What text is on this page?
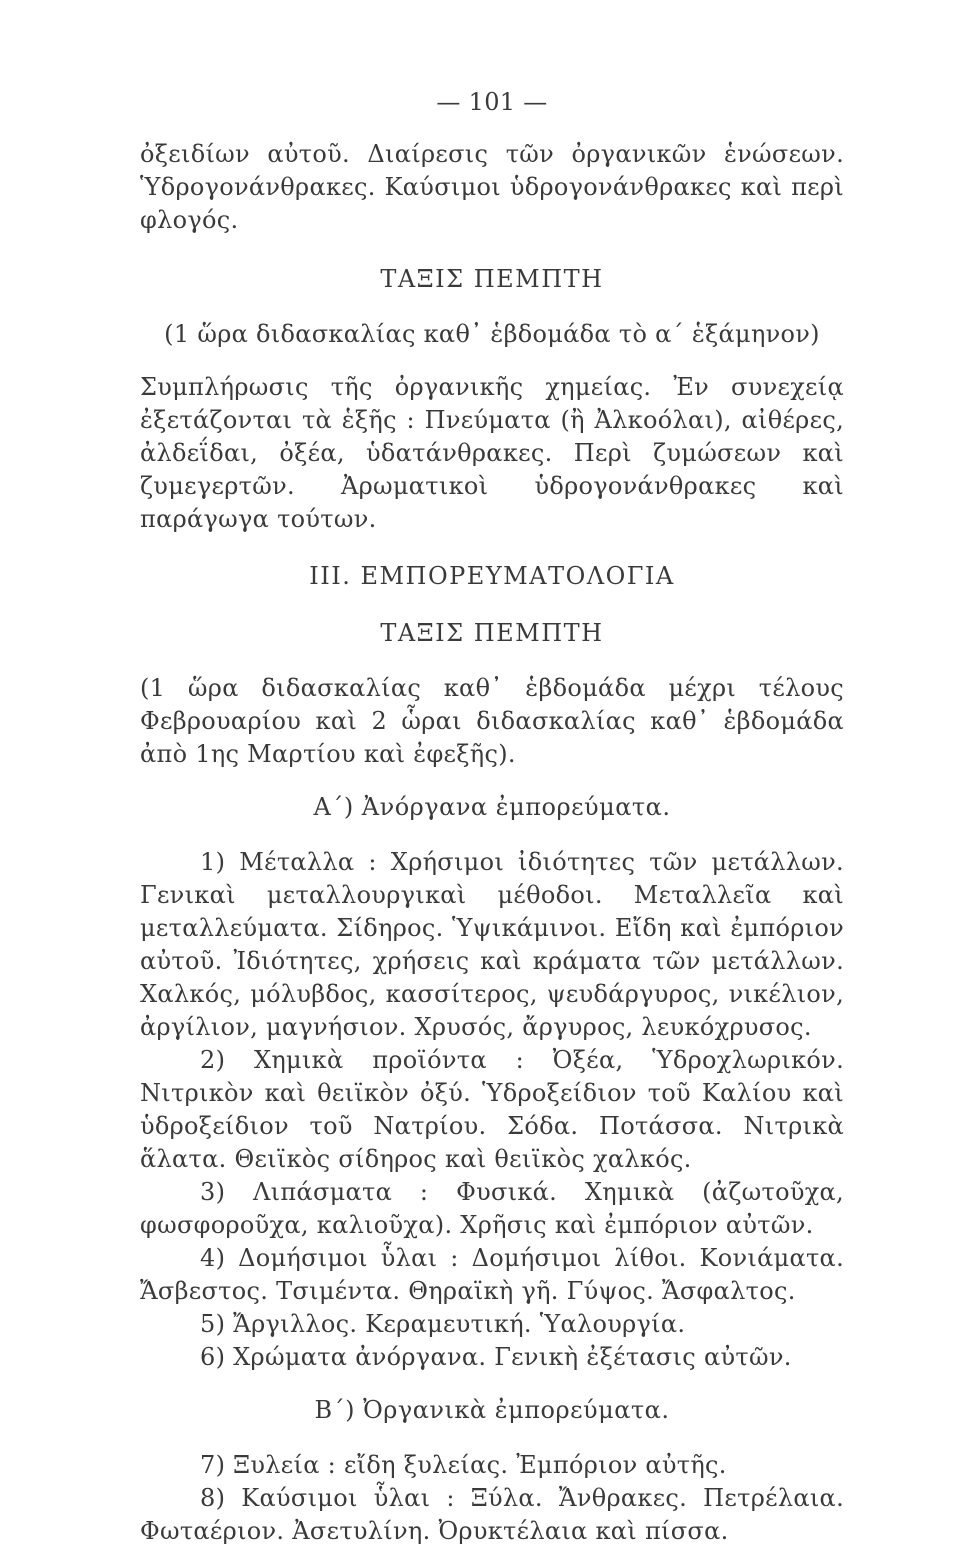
— 101 —

ὀξειδίων αὐτοῦ. Διαίρεσις τῶν ὀργανικῶν ἑνώσεων. Ὑδρογονάνθρακες. Καύσιμοι ὑδρογονάνθρακες καὶ περὶ φλογός.

ΤΑΞΙΣ ΠΕΜΠΤΗ

(1 ὥρα διδασκαλίας καθ᾽ ἑβδομάδα τὸ α΄ ἑξάμηνον)

Συμπλήρωσις τῆς ὀργανικῆς χημείας. Ἐν συνεχείᾳ ἐξετάζονται τὰ ἑξῆς : Πνεύματα (ἢ Ἀλκοόλαι), αἰθέρες, ἀλδεΐδαι, ὀξέα, ὑδατάνθρακες. Περὶ ζυμώσεων καὶ ζυμεγερτῶν. Ἀρωματικοὶ ὑδρογονάνθρακες καὶ παράγωγα τούτων.

III. ΕΜΠΟΡΕΥΜΑΤΟΛΟΓΙΑ

ΤΑΞΙΣ ΠΕΜΠΤΗ

(1 ὥρα διδασκαλίας καθ᾽ ἑβδομάδα μέχρι τέλους Φεβρουαρίου καὶ 2 ὧραι διδασκαλίας καθ᾽ ἑβδομάδα ἀπὸ 1ης Μαρτίου καὶ ἐφεξῆς).

Α΄) Ἀνόργανα ἐμπορεύματα.

1) Μέταλλα : Χρήσιμοι ἰδιότητες τῶν μετάλλων. Γενικαὶ μεταλλουργικαὶ μέθοδοι. Μεταλλεῖα καὶ μεταλλεύματα. Σίδηρος. Ὑψικάμινοι. Εἴδη καὶ ἐμπόριον αὐτοῦ. Ἰδιότητες, χρήσεις καὶ κράματα τῶν μετάλλων. Χαλκός, μόλυβδος, κασσίτερος, ψευδάργυρος, νικέλιον, ἀργίλιον, μαγνήσιον. Χρυσός, ἄργυρος, λευκόχρυσος.

2) Χημικὰ προϊόντα : Ὀξέα, Ὑδροχλωρικόν. Νιτρικὸν καὶ θειϊκὸν ὀξύ. Ὑδροξείδιον τοῦ Καλίου καὶ ὑδροξείδιον τοῦ Νατρίου. Σόδα. Ποτάσσα. Νιτρικὰ ἅλατα. Θειϊκὸς σίδηρος καὶ θειϊκὸς χαλκός.

3) Λιπάσματα : Φυσικά. Χημικὰ (ἀζωτοῦχα, φωσφοροῦχα, καλιοῦχα). Χρῆσις καὶ ἐμπόριον αὐτῶν.

4) Δομήσιμοι ὗλαι : Δομήσιμοι λίθοι. Κονιάματα. Ἄσβεστος. Τσιμέντα. Θηραϊκὴ γῆ. Γύψος. Ἄσφαλτος.

5) Ἄργιλλος. Κεραμευτική. Ὑαλουργία.

6) Χρώματα ἀνόργανα. Γενικὴ ἐξέτασις αὐτῶν.

Β΄) Ὀργανικὰ ἐμπορεύματα.

7) Ξυλεία : εἴδη ξυλείας. Ἐμπόριον αὐτῆς.

8) Καύσιμοι ὗλαι : Ξύλα. Ἄνθρακες. Πετρέλαια. Φωταέριον. Ἀσετυλίνη. Ὀρυκτέλαια καὶ πίσσα.
